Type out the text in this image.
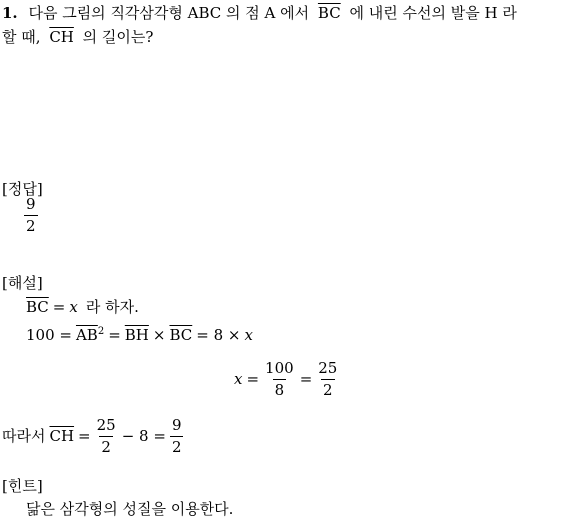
1. 다음 그림의 직각삼각형 ABC 의 점 A 에서 $\overline{BC}$ 에 내린 수선의 발을 H 라
할 때, $\overline{CH}$ 의 길이는?
[정답]
$\frac{9}{2}$
[해설]
$\overline{BC} = x$ 라 하자.
$100 = \overline{AB}^2 = \overline{BH} \times \overline{BC} = 8 \times x$
$x = \frac{100}{8} = \frac{25}{2}$
따라서 $\overline{CH} = \frac{25}{2} - 8 = \frac{9}{2}$
[힌트]
닮은 삼각형의 성질을 이용한다.
